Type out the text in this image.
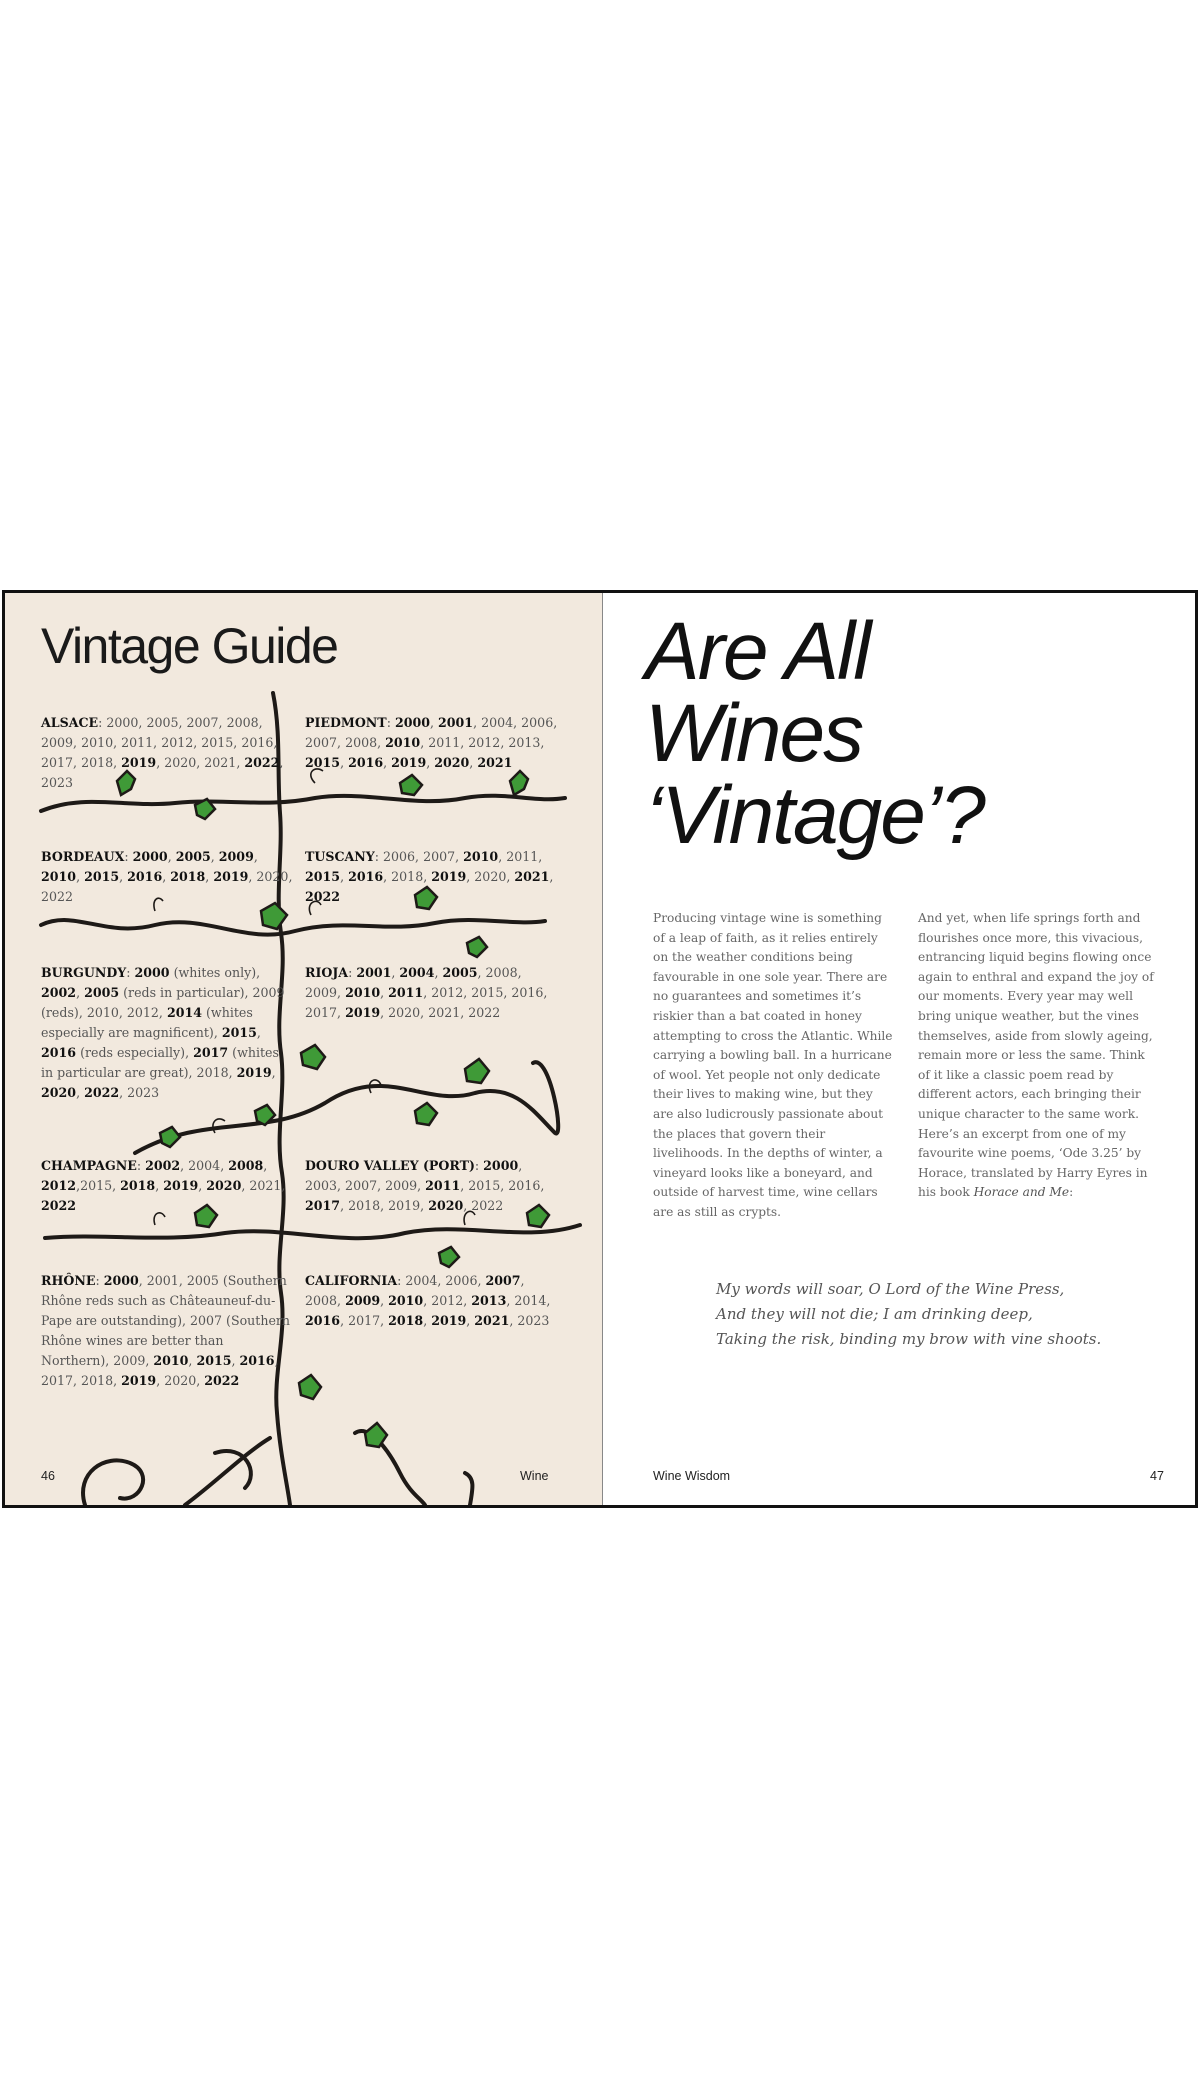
Vintage Guide

ALSACE: 2000, 2005, 2007, 2008, 2009, 2010, 2011, 2012, 2015, 2016, 2017, 2018, 2019, 2020, 2021, 2022, 2023

PIEDMONT: 2000, 2001, 2004, 2006, 2007, 2008, 2010, 2011, 2012, 2013, 2015, 2016, 2019, 2020, 2021

BORDEAUX: 2000, 2005, 2009, 2010, 2015, 2016, 2018, 2019, 2020, 2022

TUSCANY: 2006, 2007, 2010, 2011, 2015, 2016, 2018, 2019, 2020, 2021, 2022

BURGUNDY: 2000 (whites only), 2002, 2005 (reds in particular), 2009 (reds), 2010, 2012, 2014 (whites especially are magnificent), 2015, 2016 (reds especially), 2017 (whites in particular are great), 2018, 2019, 2020, 2022, 2023

RIOJA: 2001, 2004, 2005, 2008, 2009, 2010, 2011, 2012, 2015, 2016, 2017, 2019, 2020, 2021, 2022

CHAMPAGNE: 2002, 2004, 2008, 2012,2015, 2018, 2019, 2020, 2021, 2022

DOURO VALLEY (PORT): 2000, 2003, 2007, 2009, 2011, 2015, 2016, 2017, 2018, 2019, 2020, 2022

RHÔNE: 2000, 2001, 2005 (Southern Rhône reds such as Châteauneuf-du-Pape are outstanding), 2007 (Southern Rhône wines are better than Northern), 2009, 2010, 2015, 2016, 2017, 2018, 2019, 2020, 2022

CALIFORNIA: 2004, 2006, 2007, 2008, 2009, 2010, 2012, 2013, 2014, 2016, 2017, 2018, 2019, 2021, 2023

46	Wine
Are All
Wines
‘Vintage’?

Producing vintage wine is something of a leap of faith, as it relies entirely on the weather conditions being favourable in one sole year. There are no guarantees and sometimes it’s riskier than a bat coated in honey attempting to cross the Atlantic. While carrying a bowling ball. In a hurricane of wool. Yet people not only dedicate their lives to making wine, but they are also ludicrously passionate about the places that govern their livelihoods. In the depths of winter, a vineyard looks like a boneyard, and outside of harvest time, wine cellars are as still as crypts.

And yet, when life springs forth and flourishes once more, this vivacious, entrancing liquid begins flowing once again to enthral and expand the joy of our moments. Every year may well bring unique weather, but the vines themselves, aside from slowly ageing, remain more or less the same. Think of it like a classic poem read by different actors, each bringing their unique character to the same work. Here’s an excerpt from one of my favourite wine poems, ‘Ode 3.25’ by Horace, translated by Harry Eyres in his book Horace and Me:

My words will soar, O Lord of the Wine Press,
And they will not die; I am drinking deep,
Taking the risk, binding my brow with vine shoots.
Wine Wisdom	47
